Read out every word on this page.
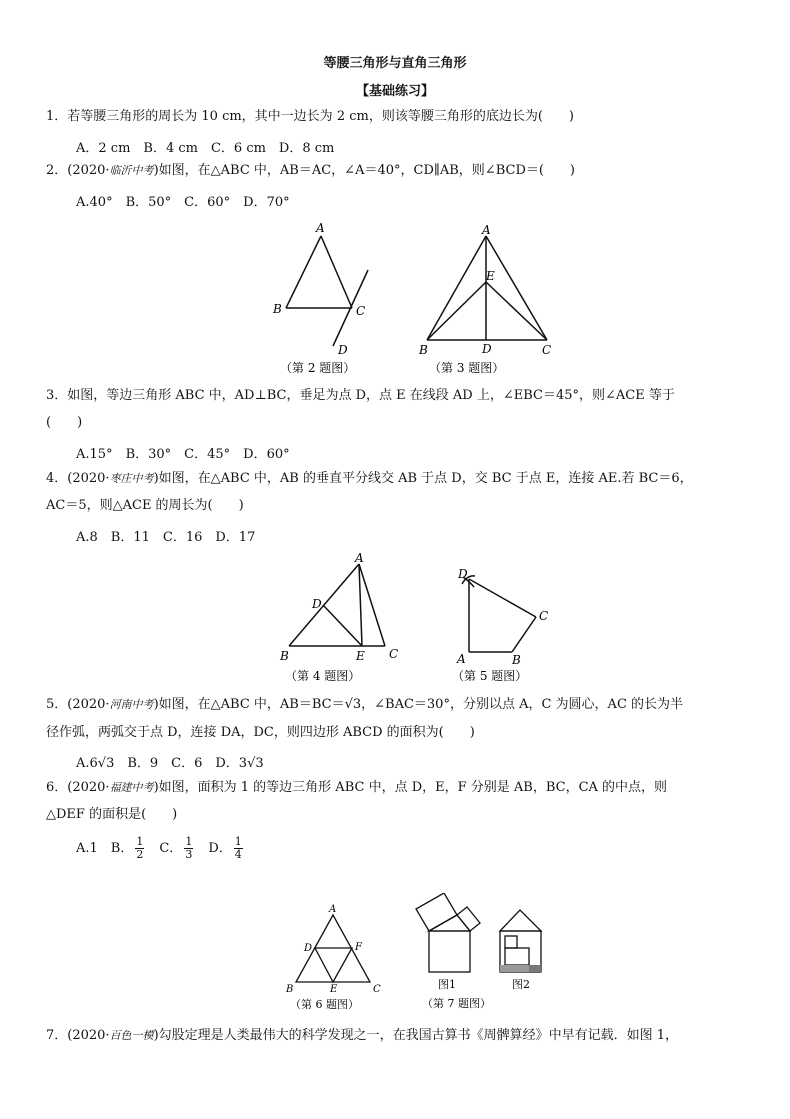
等腰三角形与直角三角形
【基础练习】
1．若等腰三角形的周长为 10 cm，其中一边长为 2 cm，则该等腰三角形的底边长为(　　)
A．2 cm　B．4 cm　C．6 cm　D．8 cm
2．(2020·临沂中考)如图，在△ABC 中，AB＝AC，∠A＝40°，CD∥AB，则∠BCD＝(　　)
A.40°　B．50°　C．60°　D．70°
A
B	C
D
（第 2 题图）
A
E
B	D	C
（第 3 题图）
3．如图，等边三角形 ABC 中，AD⊥BC，垂足为点 D，点 E 在线段 AD 上，∠EBC＝45°，则∠ACE 等于
(　　)
A.15°　B．30°　C．45°　D．60°
4．(2020·枣庄中考)如图，在△ABC 中，AB 的垂直平分线交 AB 于点 D，交 BC 于点 E，连接 AE.若 BC＝6，
AC＝5，则△ACE 的周长为(　　)
A.8　B．11　C．16　D．17
A
D
B	E C
（第 4 题图）
D
C
A	B
（第 5 题图）
5．(2020·河南中考)如图，在△ABC 中，AB＝BC＝√3，∠BAC＝30°，分别以点 A，C 为圆心，AC 的长为半
径作弧，两弧交于点 D，连接 DA，DC，则四边形 ABCD 的面积为(　　)
A.6√3　B．9　C．6　D．3√3
6．(2020·福建中考)如图，面积为 1 的等边三角形 ABC 中，点 D，E，F 分别是 AB，BC，CA 的中点，则
△DEF 的面积是(　　)
A.1　B． $\frac{1}{2}$ 　C． $\frac{1}{3}$ 　D． $\frac{1}{4}$
A
D	F
B	E	C
（第 6 题图）
图1	图2
（第 7 题图）
7．(2020·百色一模)勾股定理是人类最伟大的科学发现之一，在我国古算书《周髀算经》中早有记载．如图 1，
